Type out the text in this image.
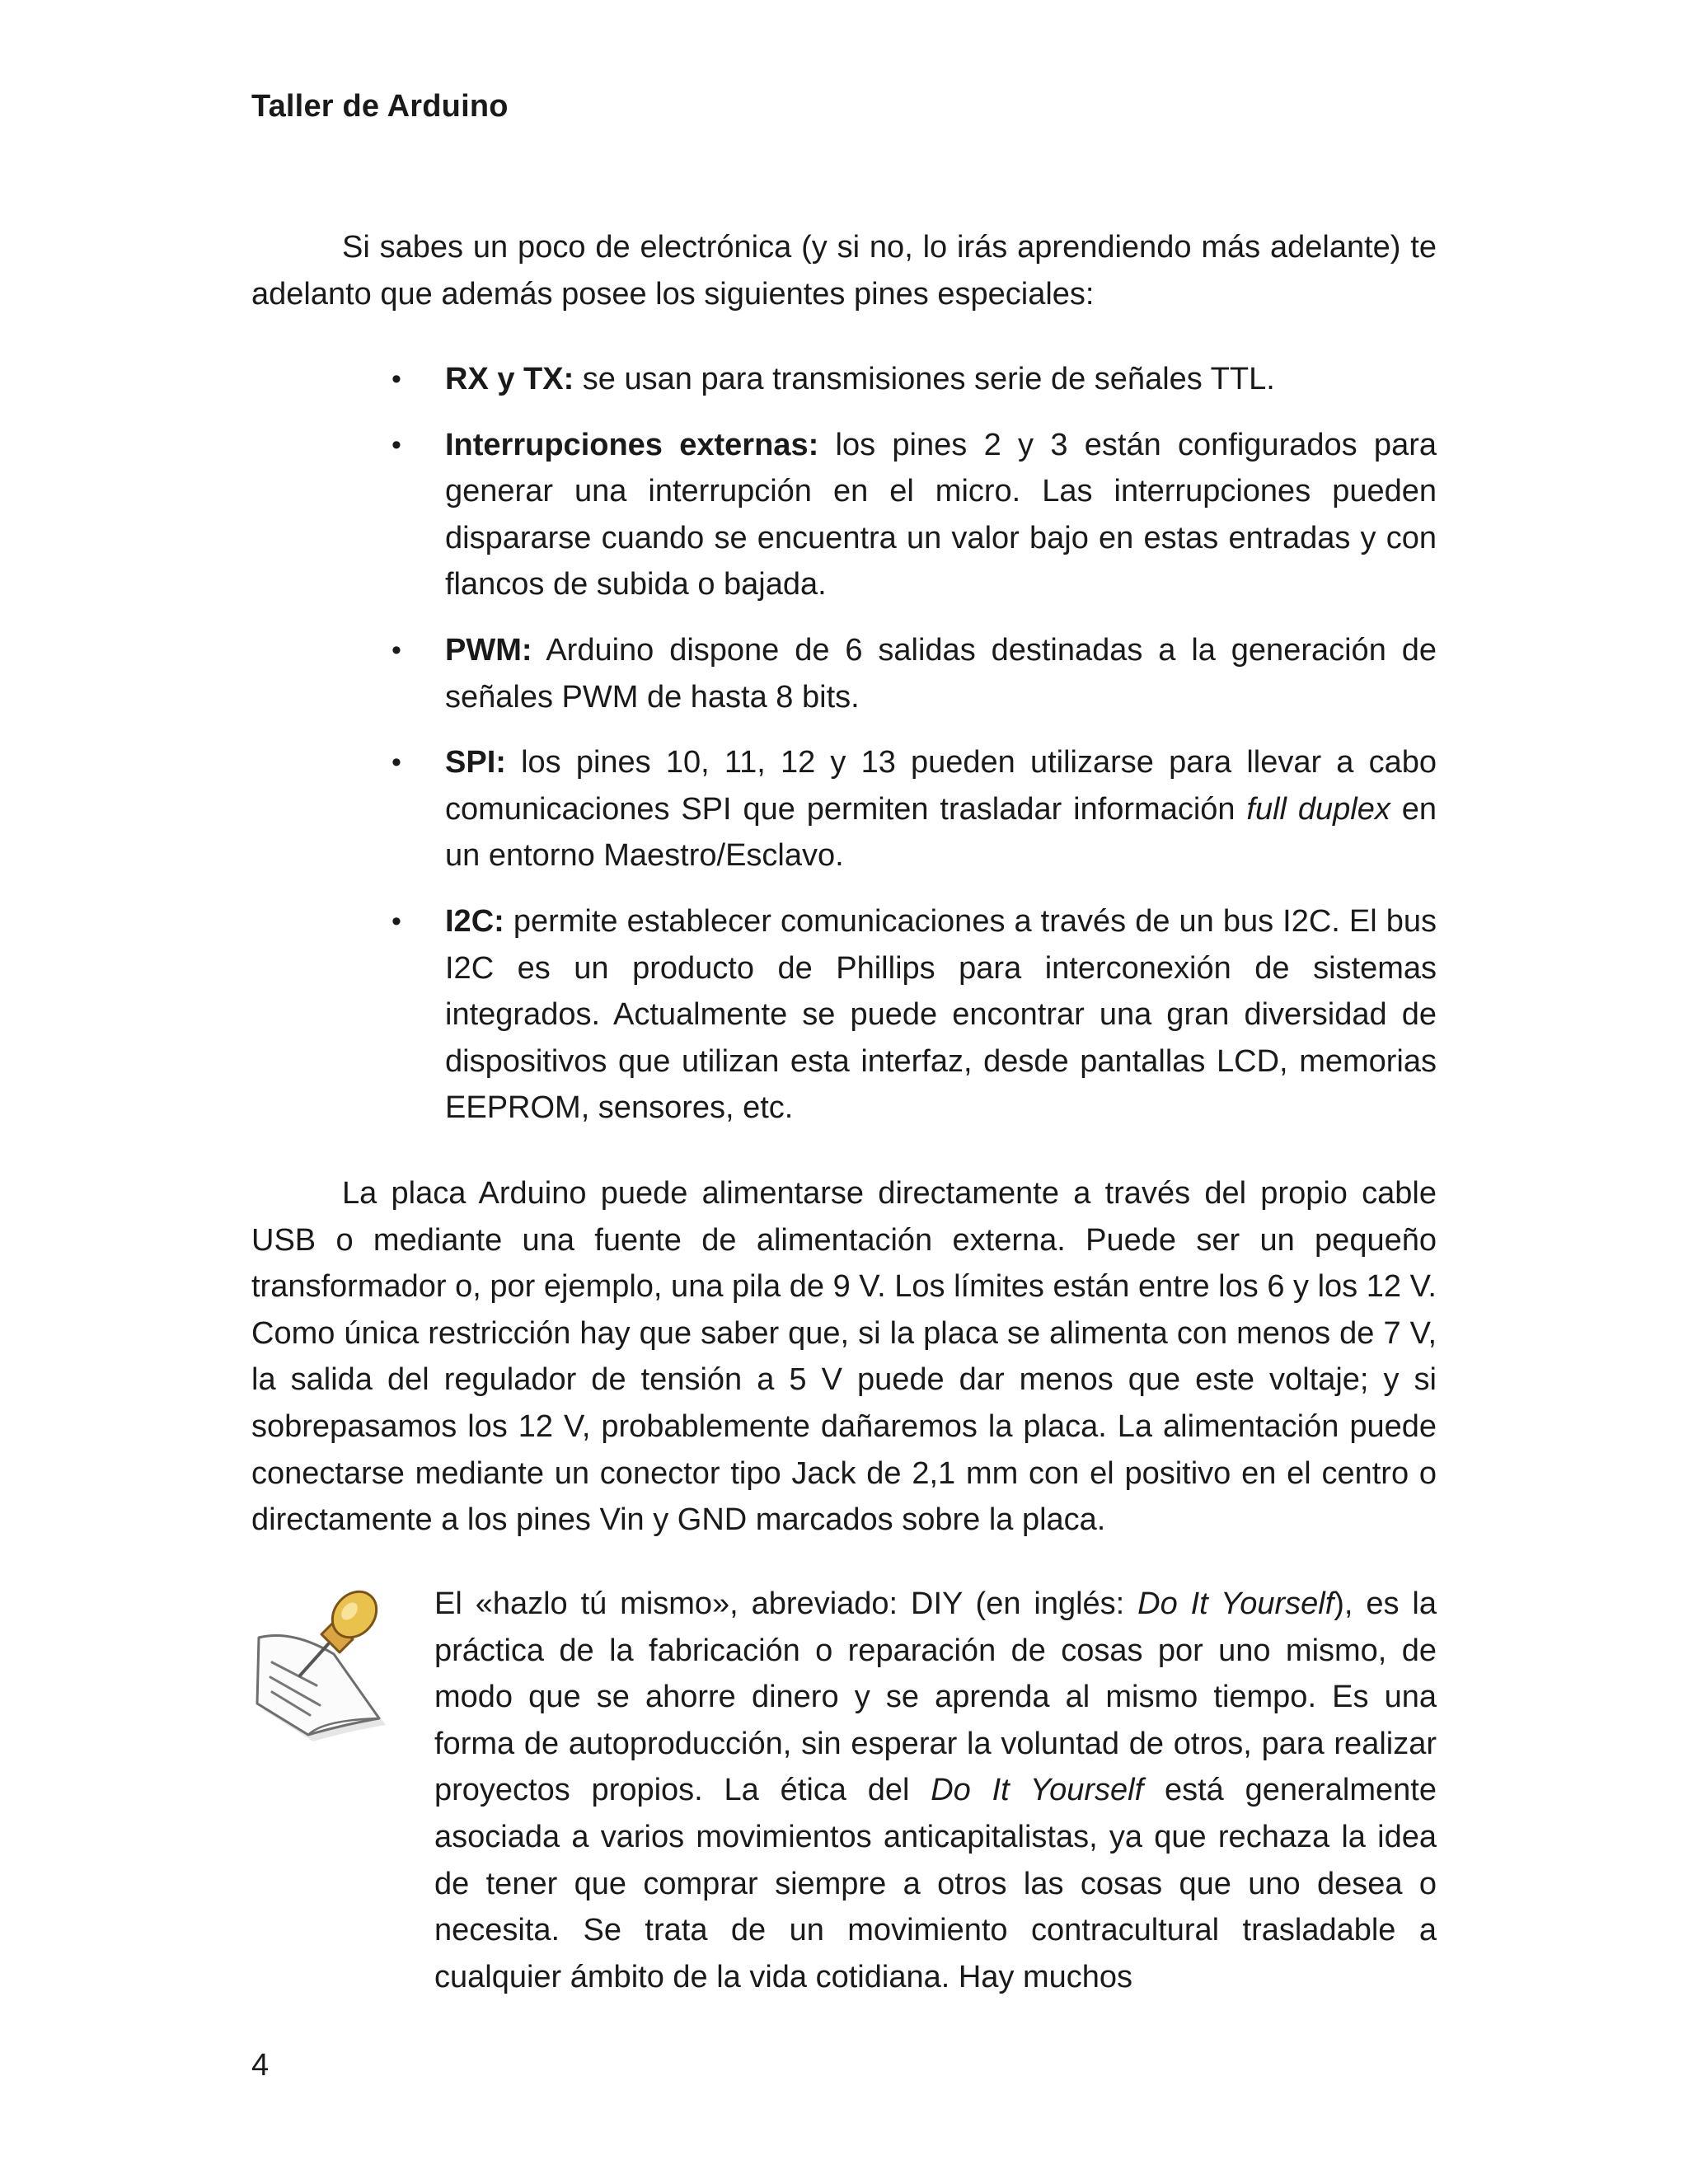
Taller de Arduino

Si sabes un poco de electrónica (y si no, lo irás aprendiendo más adelante) te adelanto que además posee los siguientes pines especiales:

• RX y TX: se usan para transmisiones serie de señales TTL.
• Interrupciones externas: los pines 2 y 3 están configurados para generar una interrupción en el micro. Las interrupciones pueden dispararse cuando se encuentra un valor bajo en estas entradas y con flancos de subida o bajada.
• PWM: Arduino dispone de 6 salidas destinadas a la generación de señales PWM de hasta 8 bits.
• SPI: los pines 10, 11, 12 y 13 pueden utilizarse para llevar a cabo comunicaciones SPI que permiten trasladar información full duplex en un entorno Maestro/Esclavo.
• I2C: permite establecer comunicaciones a través de un bus I2C. El bus I2C es un producto de Phillips para interconexión de sistemas integrados. Actualmente se puede encontrar una gran diversidad de dispositivos que utilizan esta interfaz, desde pantallas LCD, memorias EEPROM, sensores, etc.

La placa Arduino puede alimentarse directamente a través del propio cable USB o mediante una fuente de alimentación externa. Puede ser un pequeño transformador o, por ejemplo, una pila de 9 V. Los límites están entre los 6 y los 12 V. Como única restricción hay que saber que, si la placa se alimenta con menos de 7 V, la salida del regulador de tensión a 5 V puede dar menos que este voltaje; y si sobrepasamos los 12 V, probablemente dañaremos la placa. La alimentación puede conectarse mediante un conector tipo Jack de 2,1 mm con el positivo en el centro o directamente a los pines Vin y GND marcados sobre la placa.

El «hazlo tú mismo», abreviado: DIY (en inglés: Do It Yourself), es la práctica de la fabricación o reparación de cosas por uno mismo, de modo que se ahorre dinero y se aprenda al mismo tiempo. Es una forma de autoproducción, sin esperar la voluntad de otros, para realizar proyectos propios. La ética del Do It Yourself está generalmente asociada a varios movimientos anticapitalistas, ya que rechaza la idea de tener que comprar siempre a otros las cosas que uno desea o necesita. Se trata de un movimiento contracultural trasladable a cualquier ámbito de la vida cotidiana. Hay muchos

4
